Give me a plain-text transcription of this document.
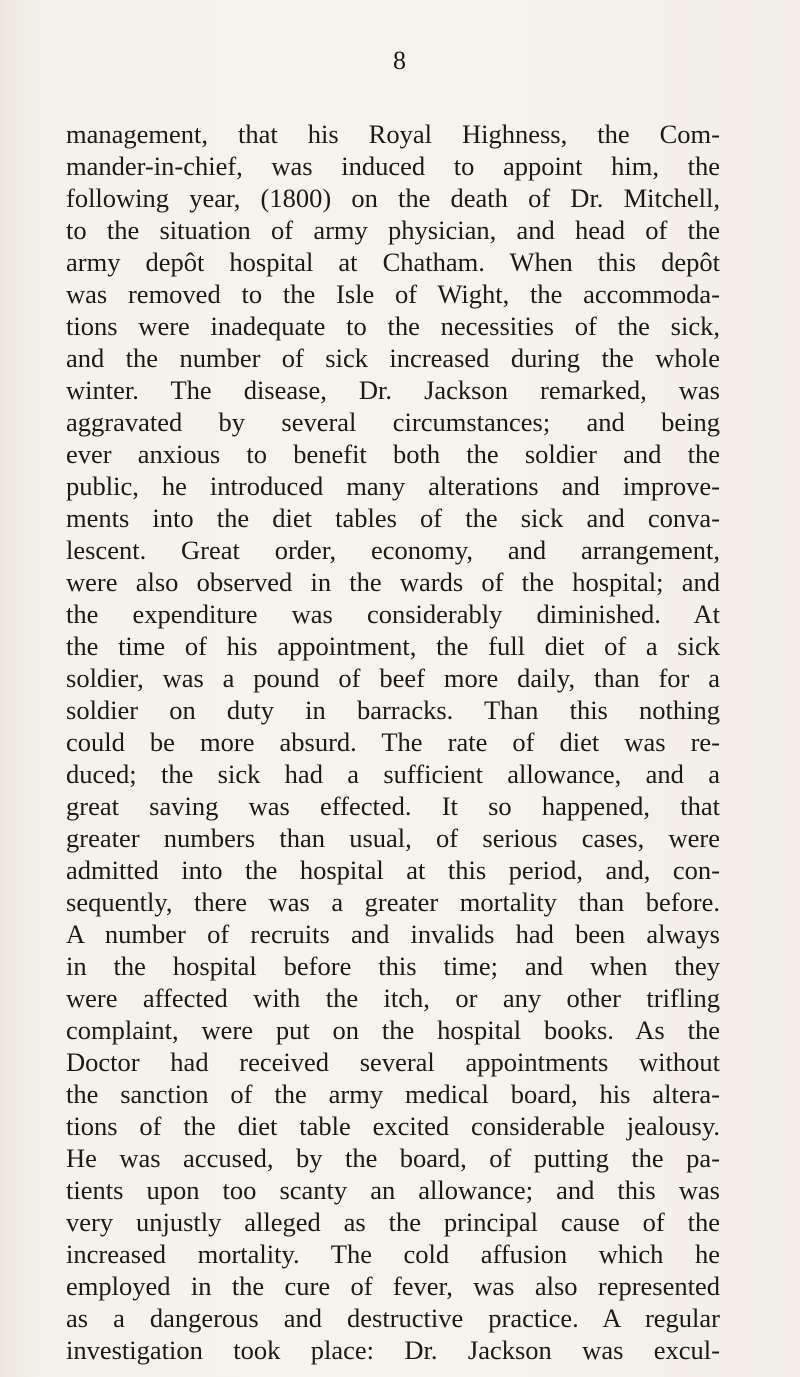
8
management, that his Royal Highness, the Com-
mander-in-chief, was induced to appoint him, the
following year, (1800) on the death of Dr. Mitchell,
to the situation of army physician, and head of the
army depôt hospital at Chatham. When this depôt
was removed to the Isle of Wight, the accommoda-
tions were inadequate to the necessities of the sick,
and the number of sick increased during the whole
winter. The disease, Dr. Jackson remarked, was
aggravated by several circumstances; and being
ever anxious to benefit both the soldier and the
public, he introduced many alterations and improve-
ments into the diet tables of the sick and conva-
lescent. Great order, economy, and arrangement,
were also observed in the wards of the hospital; and
the expenditure was considerably diminished. At
the time of his appointment, the full diet of a sick
soldier, was a pound of beef more daily, than for a
soldier on duty in barracks. Than this nothing
could be more absurd. The rate of diet was re-
duced; the sick had a sufficient allowance, and a
great saving was effected. It so happened, that
greater numbers than usual, of serious cases, were
admitted into the hospital at this period, and, con-
sequently, there was a greater mortality than before.
A number of recruits and invalids had been always
in the hospital before this time; and when they
were affected with the itch, or any other trifling
complaint, were put on the hospital books. As the
Doctor had received several appointments without
the sanction of the army medical board, his altera-
tions of the diet table excited considerable jealousy.
He was accused, by the board, of putting the pa-
tients upon too scanty an allowance; and this was
very unjustly alleged as the principal cause of the
increased mortality. The cold affusion which he
employed in the cure of fever, was also represented
as a dangerous and destructive practice. A regular
investigation took place: Dr. Jackson was excul-
